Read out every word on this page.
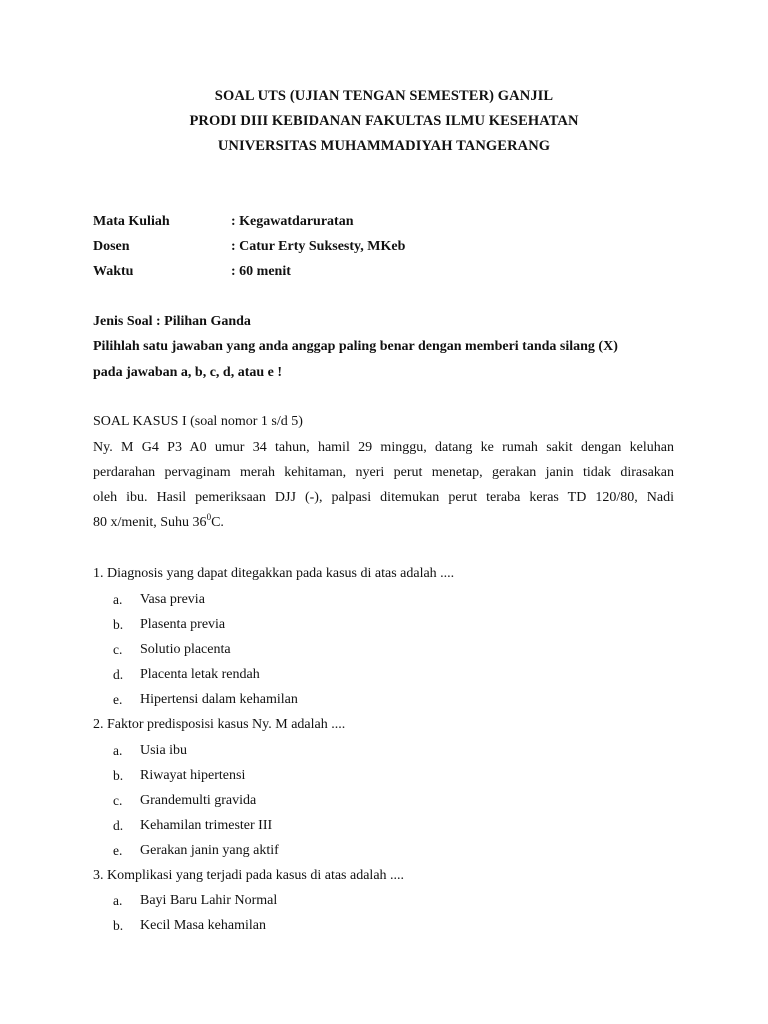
SOAL UTS (UJIAN TENGAN SEMESTER) GANJIL
PRODI DIII KEBIDANAN FAKULTAS ILMU KESEHATAN
UNIVERSITAS MUHAMMADIYAH TANGERANG
Mata Kuliah	: Kegawatdaruratan
Dosen	: Catur Erty Suksesty, MKeb
Waktu	: 60 menit
Jenis Soal : Pilihan Ganda
Pilihlah satu jawaban yang anda anggap paling benar dengan memberi tanda silang (X)
pada jawaban a, b, c, d, atau e !
SOAL KASUS I (soal nomor 1 s/d 5)
Ny. M G4 P3 A0 umur 34 tahun, hamil 29 minggu, datang ke rumah sakit dengan keluhan
perdarahan pervaginam merah kehitaman, nyeri perut menetap, gerakan janin tidak dirasakan
oleh ibu. Hasil pemeriksaan DJJ (-), palpasi ditemukan perut teraba keras TD 120/80, Nadi
80 x/menit, Suhu $36^0C$.
1. Diagnosis yang dapat ditegakkan pada kasus di atas adalah ....
a. Vasa previa
b. Plasenta previa
c. Solutio placenta
d. Placenta letak rendah
e. Hipertensi dalam kehamilan
2. Faktor predisposisi kasus Ny. M adalah ....
a. Usia ibu
b. Riwayat hipertensi
c. Grandemulti gravida
d. Kehamilan trimester III
e. Gerakan janin yang aktif
3. Komplikasi yang terjadi pada kasus di atas adalah ....
a. Bayi Baru Lahir Normal
b. Kecil Masa kehamilan
